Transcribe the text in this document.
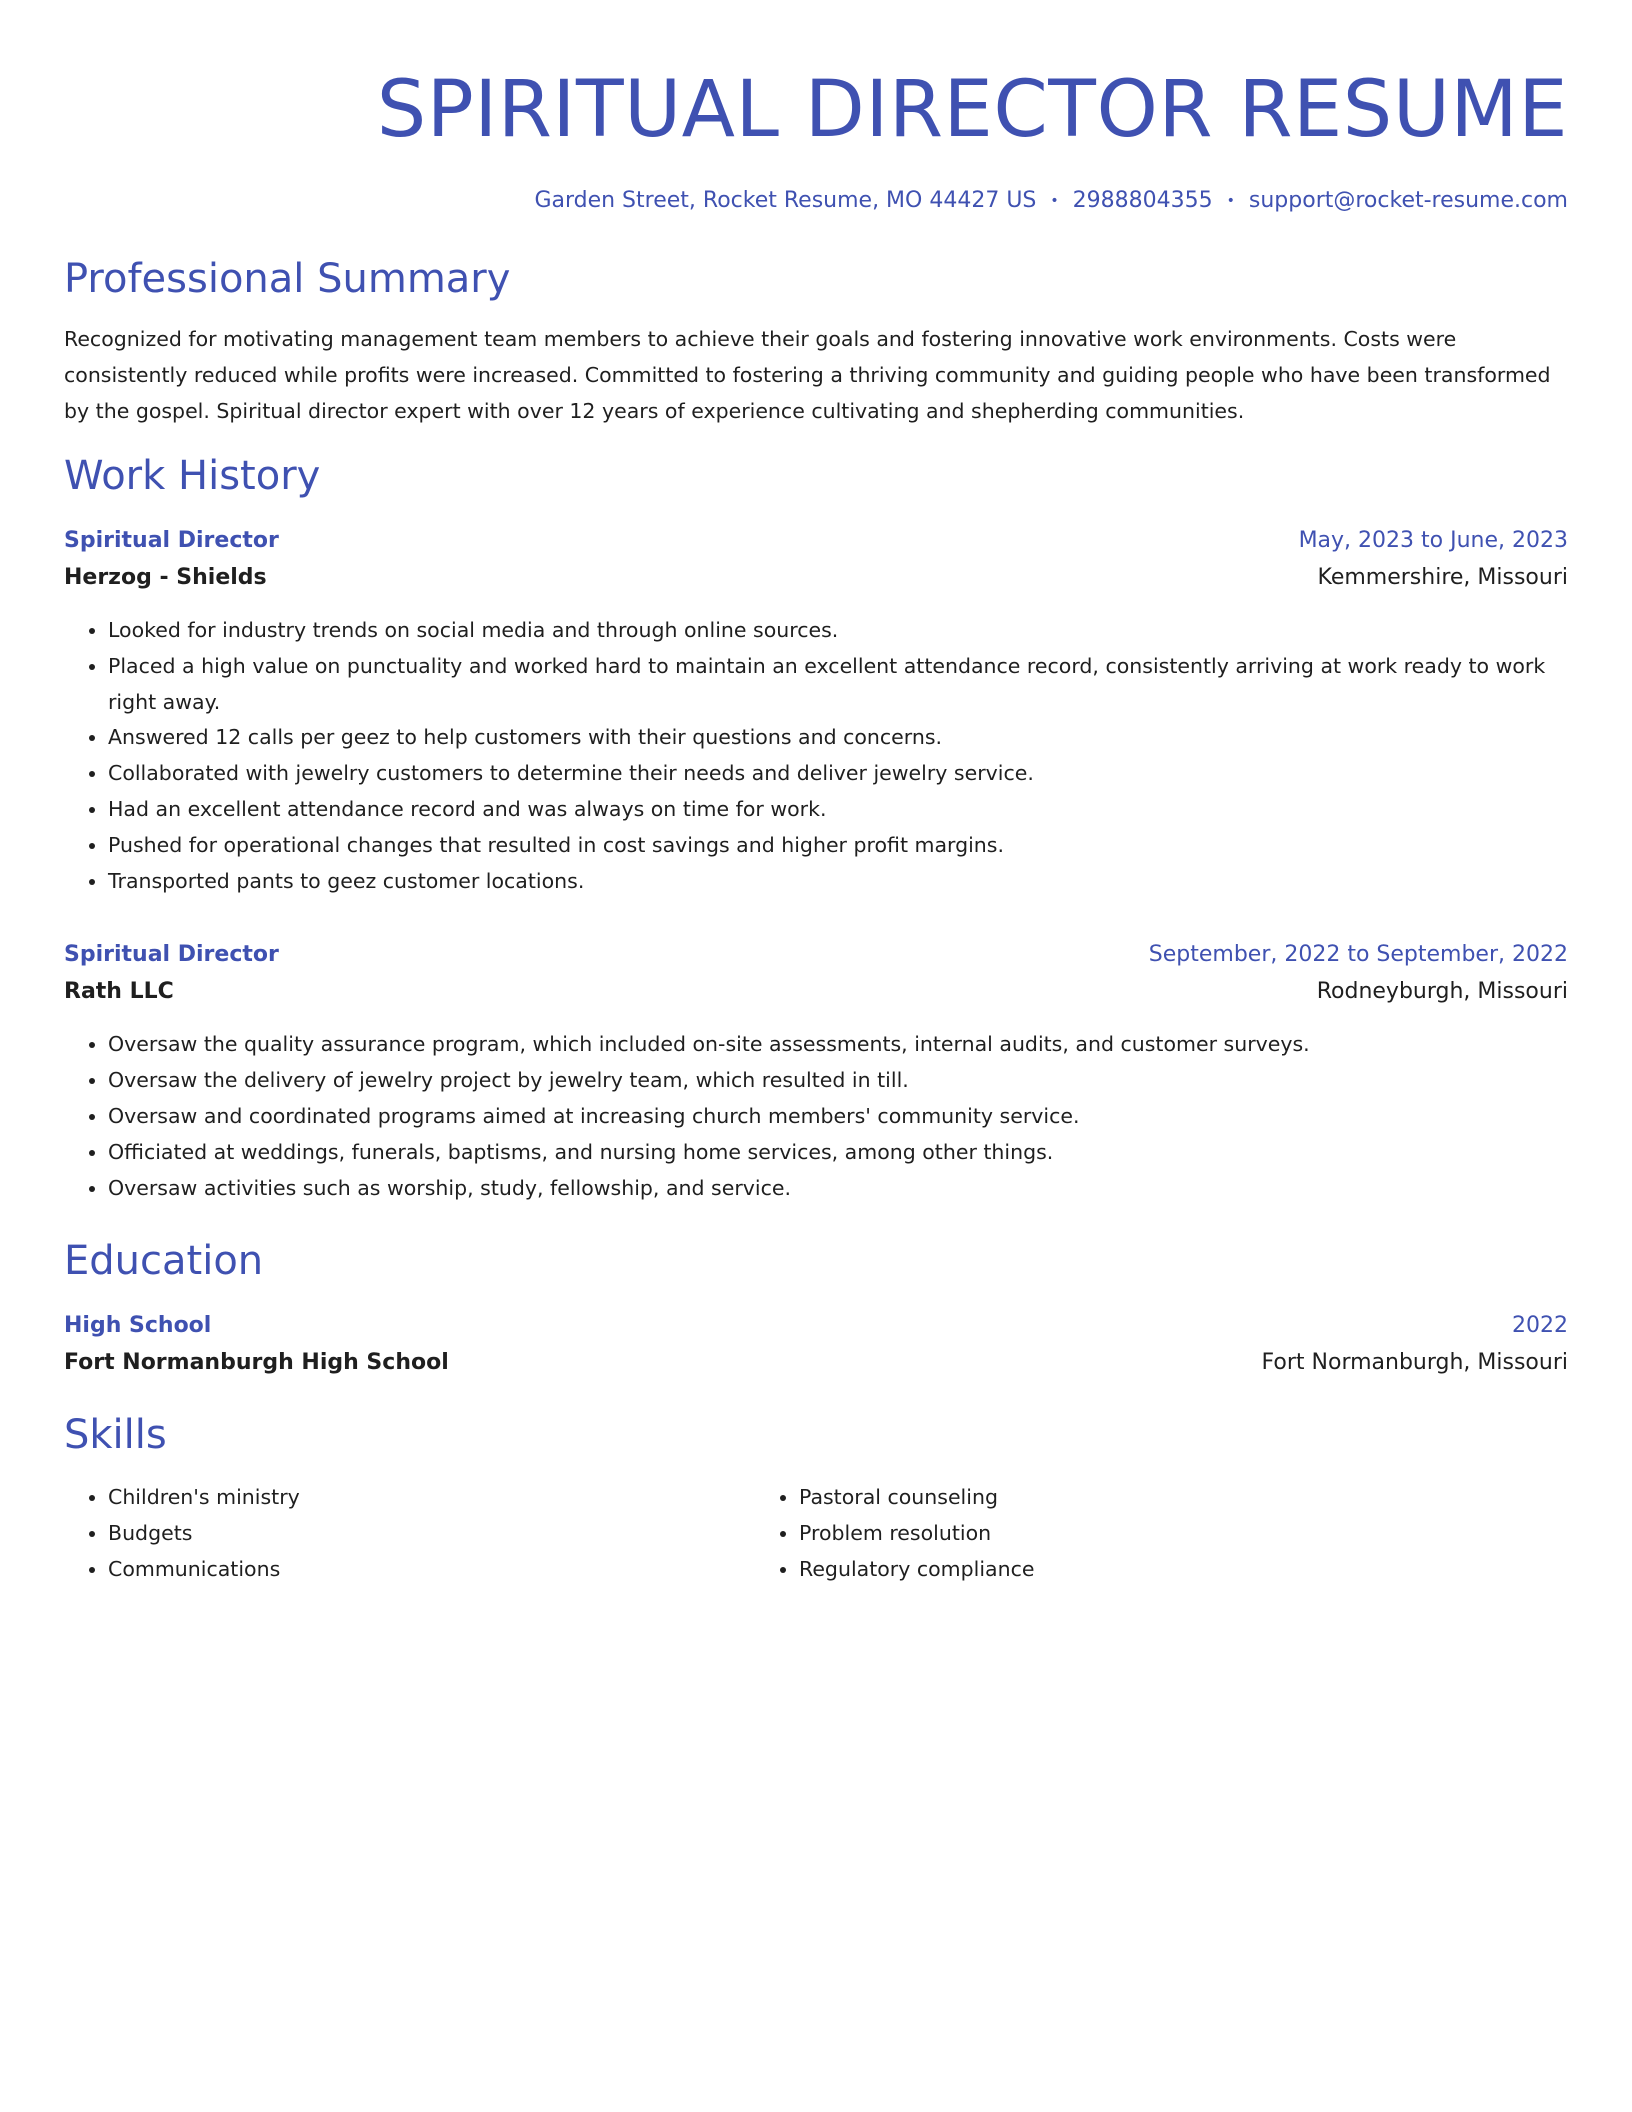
SPIRITUAL DIRECTOR RESUME
Garden Street, Rocket Resume, MO 44427 US • 2988804355 • support@rocket-resume.com
Professional Summary
Recognized for motivating management team members to achieve their goals and fostering innovative work environments. Costs were consistently reduced while profits were increased. Committed to fostering a thriving community and guiding people who have been transformed by the gospel. Spiritual director expert with over 12 years of experience cultivating and shepherding communities.
Work History
Spiritual Director	May, 2023 to June, 2023
Herzog - Shields	Kemmershire, Missouri
• Looked for industry trends on social media and through online sources.
• Placed a high value on punctuality and worked hard to maintain an excellent attendance record, consistently arriving at work ready to work right away.
• Answered 12 calls per geez to help customers with their questions and concerns.
• Collaborated with jewelry customers to determine their needs and deliver jewelry service.
• Had an excellent attendance record and was always on time for work.
• Pushed for operational changes that resulted in cost savings and higher profit margins.
• Transported pants to geez customer locations.
Spiritual Director	September, 2022 to September, 2022
Rath LLC	Rodneyburgh, Missouri
• Oversaw the quality assurance program, which included on-site assessments, internal audits, and customer surveys.
• Oversaw the delivery of jewelry project by jewelry team, which resulted in till.
• Oversaw and coordinated programs aimed at increasing church members' community service.
• Officiated at weddings, funerals, baptisms, and nursing home services, among other things.
• Oversaw activities such as worship, study, fellowship, and service.
Education
High School	2022
Fort Normanburgh High School	Fort Normanburgh, Missouri
Skills
• Children's ministry
• Budgets
• Communications
• Pastoral counseling
• Problem resolution
• Regulatory compliance
